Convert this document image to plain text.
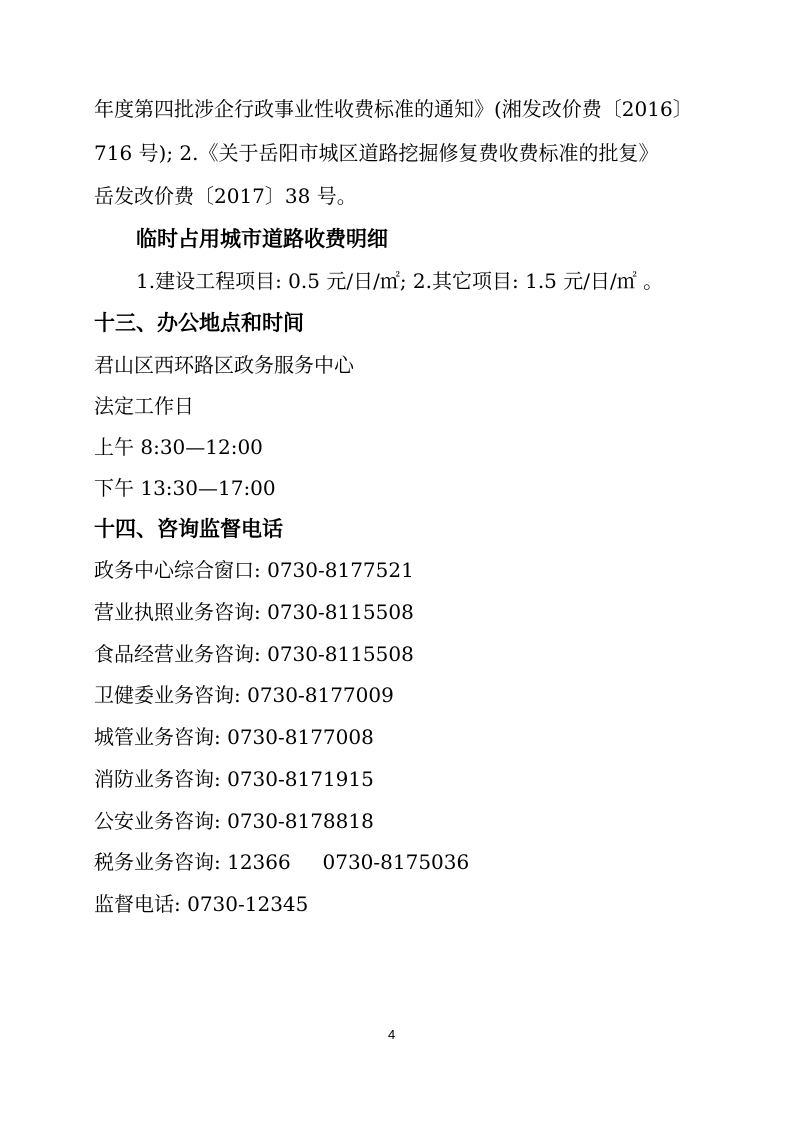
年度第四批涉企行政事业性收费标准的通知》(湘发改价费〔2016〕
716 号); 2.《关于岳阳市城区道路挖掘修复费收费标准的批复》
岳发改价费〔2017〕38 号。
临时占用城市道路收费明细
1.建设工程项目: 0.5 元/日/㎡; 2.其它项目: 1.5 元/日/㎡ 。
十三、办公地点和时间
君山区西环路区政务服务中心
法定工作日
上午 8:30—12:00
下午 13:30—17:00
十四、咨询监督电话
政务中心综合窗口: 0730-8177521
营业执照业务咨询: 0730-8115508
食品经营业务咨询: 0730-8115508
卫健委业务咨询: 0730-8177009
城管业务咨询: 0730-8177008
消防业务咨询: 0730-8171915
公安业务咨询: 0730-8178818
税务业务咨询: 12366     0730-8175036
监督电话: 0730-12345
4
